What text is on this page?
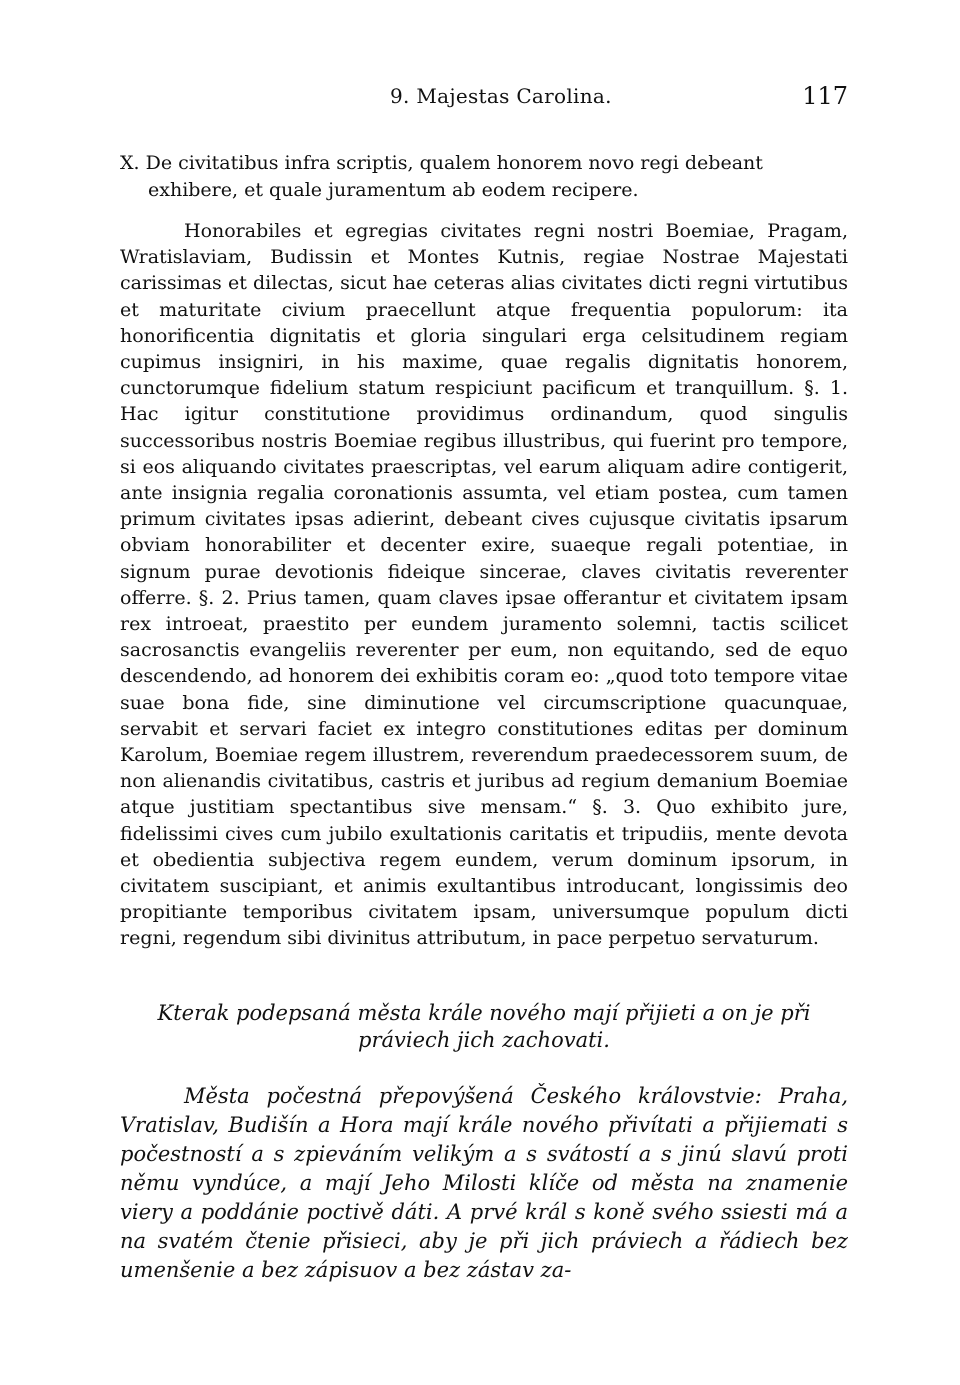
9. Majestas Carolina.	117

X. De civitatibus infra scriptis, qualem honorem novo regi debeant exhibere, et quale juramentum ab eodem recipere.

Honorabiles et egregias civitates regni nostri Boemiae, Pragam, Wratislaviam, Budissin et Montes Kutnis, regiae Nostrae Majestati carissimas et dilectas, sicut hae ceteras alias civitates dicti regni virtutibus et maturitate civium praecellunt atque frequentia populorum: ita honorificentia dignitatis et gloria singulari erga celsitudinem regiam cupimus insigniri, in his maxime, quae regalis dignitatis honorem, cunctorumque fidelium statum respiciunt pacificum et tranquillum. §. 1. Hac igitur constitutione providimus ordinandum, quod singulis successoribus nostris Boemiae regibus illustribus, qui fuerint pro tempore, si eos aliquando civitates praescriptas, vel earum aliquam adire contigerit, ante insignia regalia coronationis assumta, vel etiam postea, cum tamen primum civitates ipsas adierint, debeant cives cujusque civitatis ipsarum obviam honorabiliter et decenter exire, suaeque regali potentiae, in signum purae devotionis fideique sincerae, claves civitatis reverenter offerre. §. 2. Prius tamen, quam claves ipsae offerantur et civitatem ipsam rex introeat, praestito per eundem juramento solemni, tactis scilicet sacrosanctis evangeliis reverenter per eum, non equitando, sed de equo descendendo, ad honorem dei exhibitis coram eo: „quod toto tempore vitae suae bona fide, sine diminutione vel circumscriptione quacunquae, servabit et servari faciet ex integro constitutiones editas per dominum Karolum, Boemiae regem illustrem, reverendum praedecessorem suum, de non alienandis civitatibus, castris et juribus ad regium demanium Boemiae atque justitiam spectantibus sive mensam.“ §. 3. Quo exhibito jure, fidelissimi cives cum jubilo exultationis caritatis et tripudiis, mente devota et obedientia subjectiva regem eundem, verum dominum ipsorum, in civitatem suscipiant, et animis exultantibus introducant, longissimis deo propitiante temporibus civitatem ipsam, universumque populum dicti regni, regendum sibi divinitus attributum, in pace perpetuo servaturum.

Kterak podepsaná města krále nového mají přijieti a on je při práviech jich zachovati.

Města počestná přepovýšená Českého královstvie: Praha, Vratislav, Budišín a Hora mají krále nového přivítati a přijiemati s počestností a s zpieváním velikým a s svátostí a s jinú slavú proti němu vyndúce, a mají Jeho Milosti klíče od města na znamenie viery a poddánie poctivě dáti. A prvé král s koně svého ssiesti má a na svatém čtenie přisieci, aby je při jich práviech a řádiech bez umenšenie a bez zápisuov a bez zástav za-
